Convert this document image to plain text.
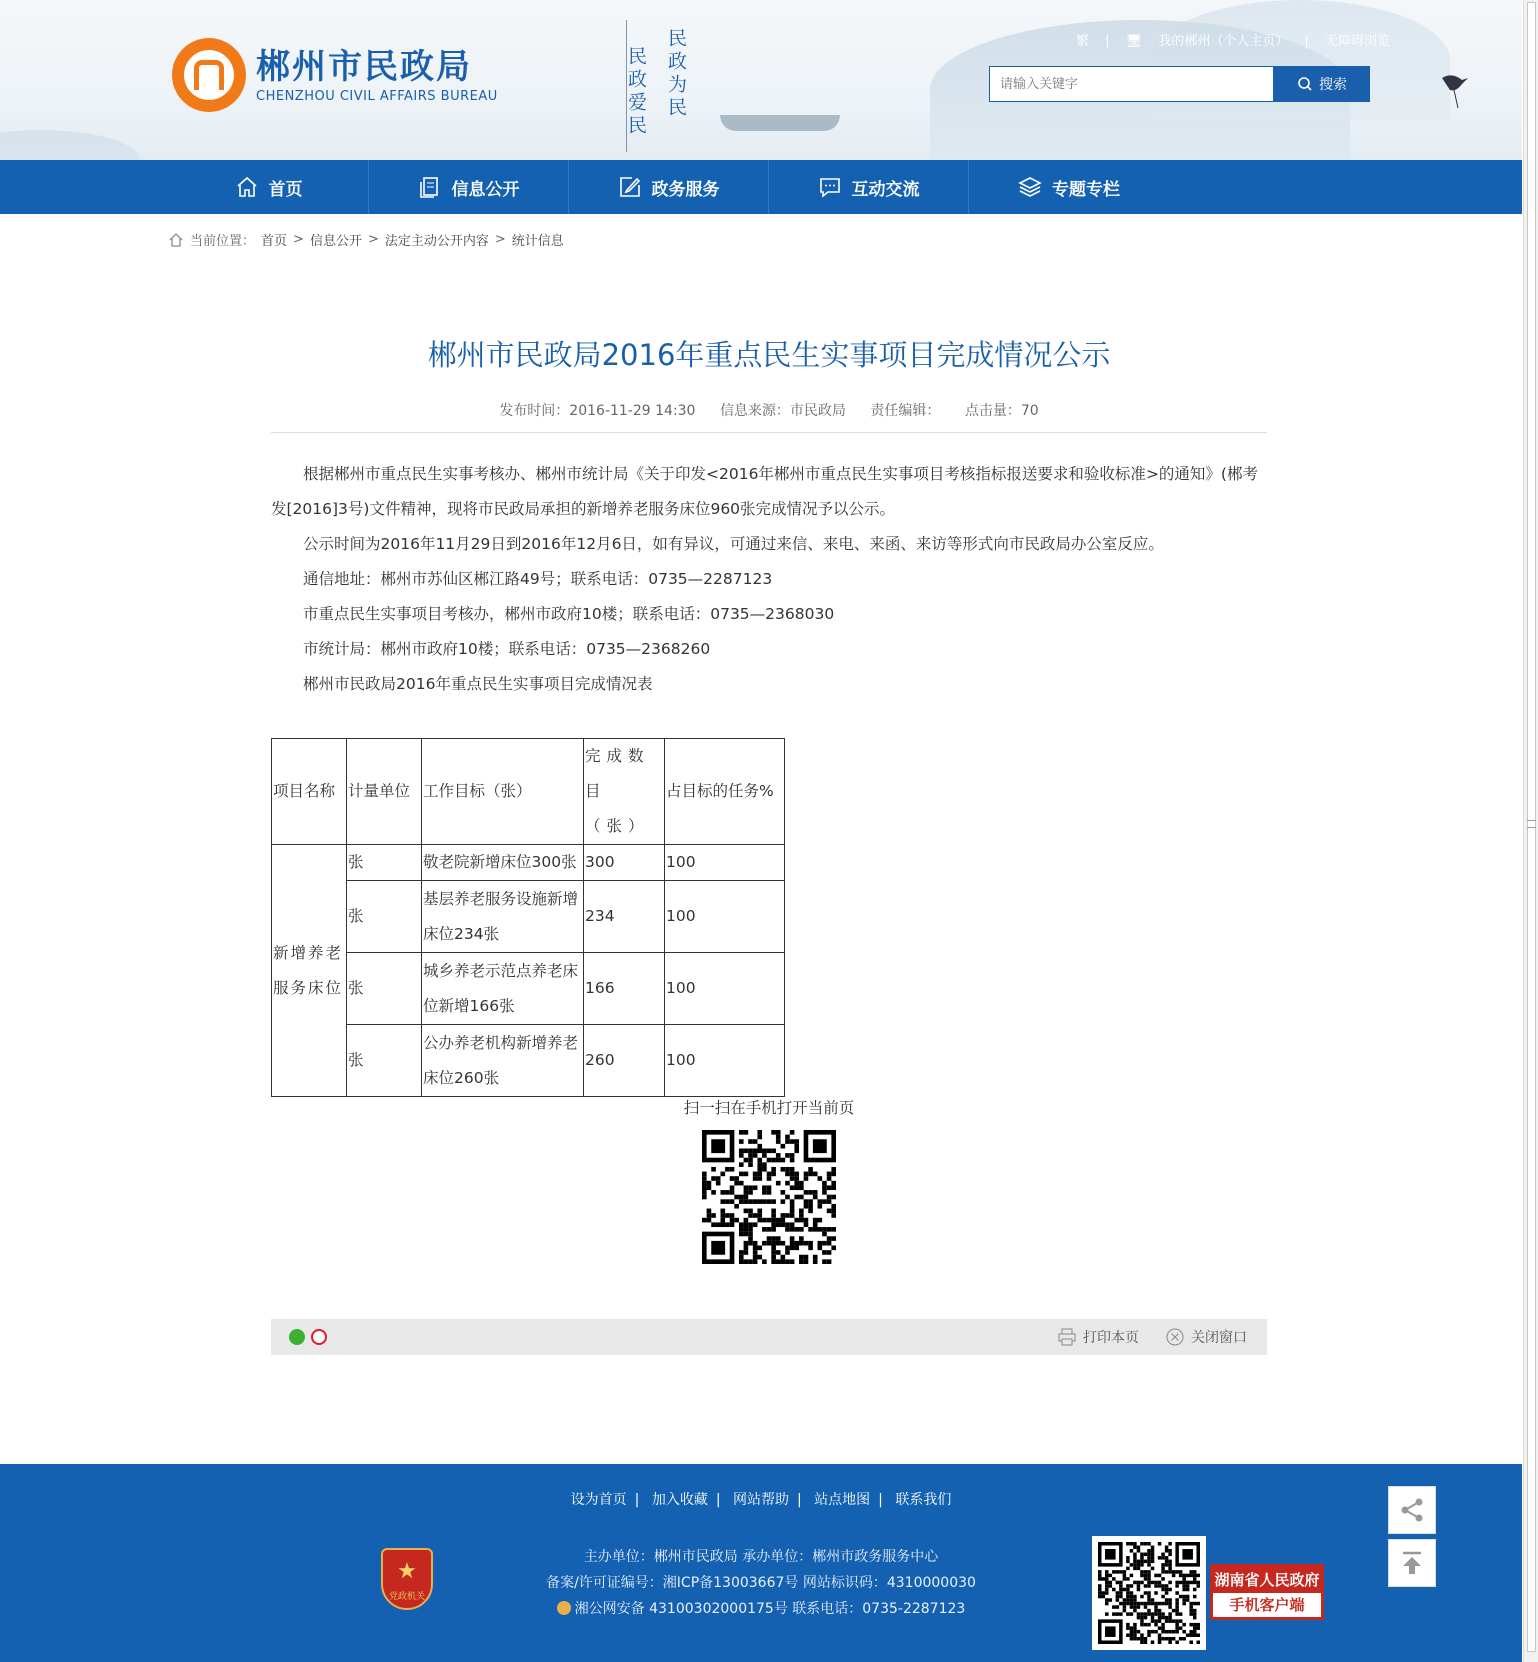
郴州市民政局
CHENZHOU CIVIL AFFAIRS BUREAU	民政爱民 民政为民	繁 | 🖥 我的郴州（个人主页） | 无障碍浏览
请输入关键字
搜索
首页	信息公开	政务服务	互动交流	专题专栏
当前位置： 首页 > 信息公开 > 法定主动公开内容 > 统计信息
郴州市民政局2016年重点民生实事项目完成情况公示
发布时间：2016-11-29 14:30 信息来源：市民政局 责任编辑： 点击量：70

根据郴州市重点民生实事考核办、郴州市统计局《关于印发<2016年郴州市重点民生实事项目考核指标报送要求和验收标准>的通知》(郴考发[2016]3号)文件精神，现将市民政局承担的新增养老服务床位960张完成情况予以公示。

公示时间为2016年11月29日到2016年12月6日，如有异议，可通过来信、来电、来函、来访等形式向市民政局办公室反应。

通信地址：郴州市苏仙区郴江路49号；联系电话：0735—2287123

市重点民生实事项目考核办，郴州市政府10楼；联系电话：0735—2368030

市统计局：郴州市政府10楼；联系电话：0735—2368260

郴州市民政局2016年重点民生实事项目完成情况表

项目名称	计量单位	工作目标（张）	完成数目（张）	占目标的任务%
新增养老服务床位	张	敬老院新增床位300张	300	100
	张	基层养老服务设施新增床位234张	234	100
	张	城乡养老示范点养老床位新增166张	166	100
	张	公办养老机构新增养老床位260张	260	100
扫一扫在手机打开当前页
打印本页	关闭窗口
设为首页 | 加入收藏 | 网站帮助 | 站点地图 | 联系我们
★
党政机关
主办单位：郴州市民政局 承办单位：郴州市政务服务中心
备案/许可证编号：湘ICP备13003667号 网站标识码：4310000030
湘公网安备 43100302000175号 联系电话：0735-2287123
湖南省人民政府
手机客户端
